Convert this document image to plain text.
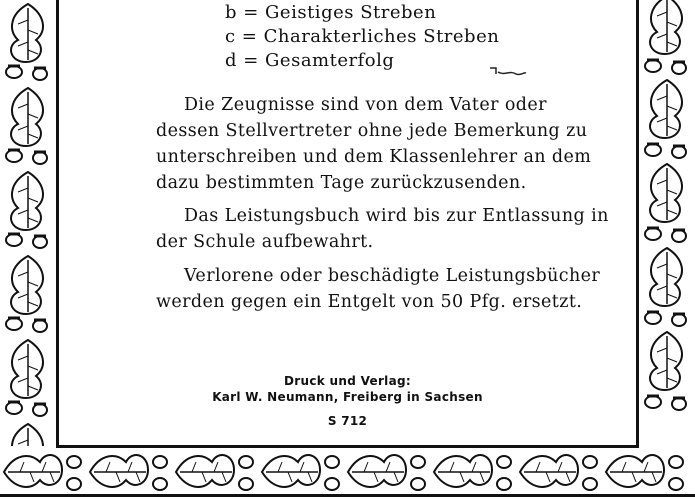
b = Geistiges Streben
c = Charakterliches Streben
d = Gesamterfolg

Die Zeugnisse sind von dem Vater oder dessen Stellvertreter ohne jede Bemerkung zu unterschreiben und dem Klassenlehrer an dem dazu bestimmten Tage zurückzusenden.

Das Leistungsbuch wird bis zur Entlassung in der Schule aufbewahrt.

Verlorene oder beschädigte Leistungsbücher werden gegen ein Entgelt von 50 Pfg. ersetzt.

Druck und Verlag:
Karl W. Neumann, Freiberg in Sachsen
S 712
